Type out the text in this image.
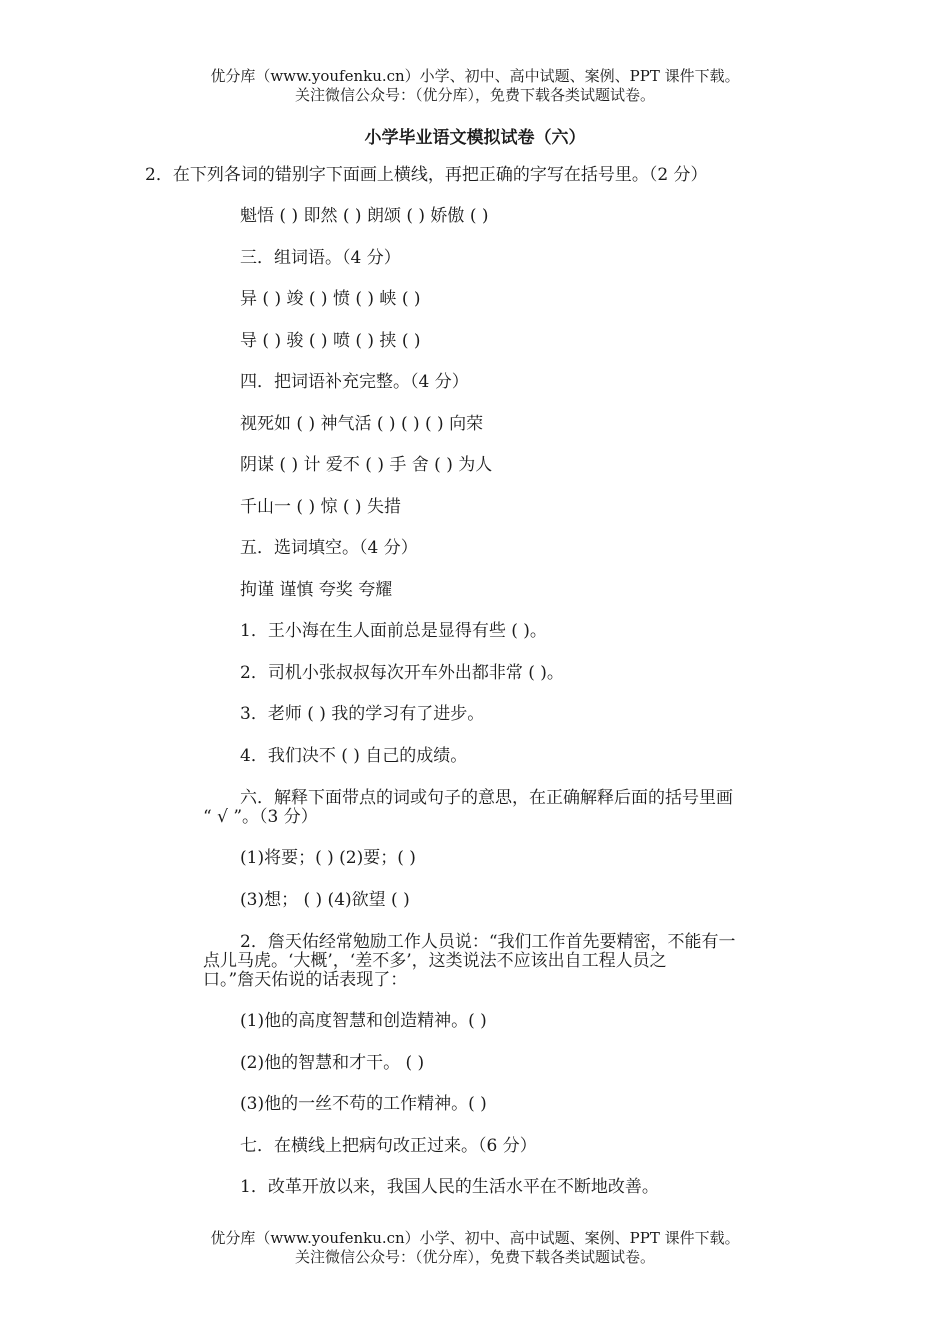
优分库（www.youfenku.cn）小学、初中、高中试题、案例、PPT 课件下载。
关注微信公众号：（优分库），免费下载各类试题试卷。
小学毕业语文模拟试卷（六）
2．在下列各词的错别字下面画上横线，再把正确的字写在括号里。（2 分）
魁悟 ( ) 即然 ( ) 朗颂 ( ) 娇傲 ( )
三．组词语。（4 分）
异 ( ) 竣 ( ) 愤 ( ) 峡 ( )
导 ( ) 骏 ( ) 喷 ( ) 挟 ( )
四．把词语补充完整。（4 分）
视死如 ( ) 神气活 ( ) ( ) ( ) 向荣
阴谋 ( ) 计 爱不 ( ) 手 舍 ( ) 为人
千山一 ( ) 惊 ( ) 失措
五．选词填空。（4 分）
拘谨 谨慎 夸奖 夸耀
1．王小海在生人面前总是显得有些 ( )。
2．司机小张叔叔每次开车外出都非常 ( )。
3．老师 ( ) 我的学习有了进步。
4．我们决不 ( ) 自己的成绩。
六．解释下面带点的词或句子的意思，在正确解释后面的括号里画
“ √ ”。（3 分）
(1)将要；( ) (2)要；( )
(3)想； ( ) (4)欲望 ( )
2．詹天佑经常勉励工作人员说：“我们工作首先要精密，不能有一
点儿马虎。‘大概’，‘差不多’，这类说法不应该出自工程人员之
口。”詹天佑说的话表现了：
(1)他的高度智慧和创造精神。( )
(2)他的智慧和才干。 ( )
(3)他的一丝不苟的工作精神。( )
七．在横线上把病句改正过来。（6 分）
1．改革开放以来，我国人民的生活水平在不断地改善。
优分库（www.youfenku.cn）小学、初中、高中试题、案例、PPT 课件下载。
关注微信公众号：（优分库），免费下载各类试题试卷。
